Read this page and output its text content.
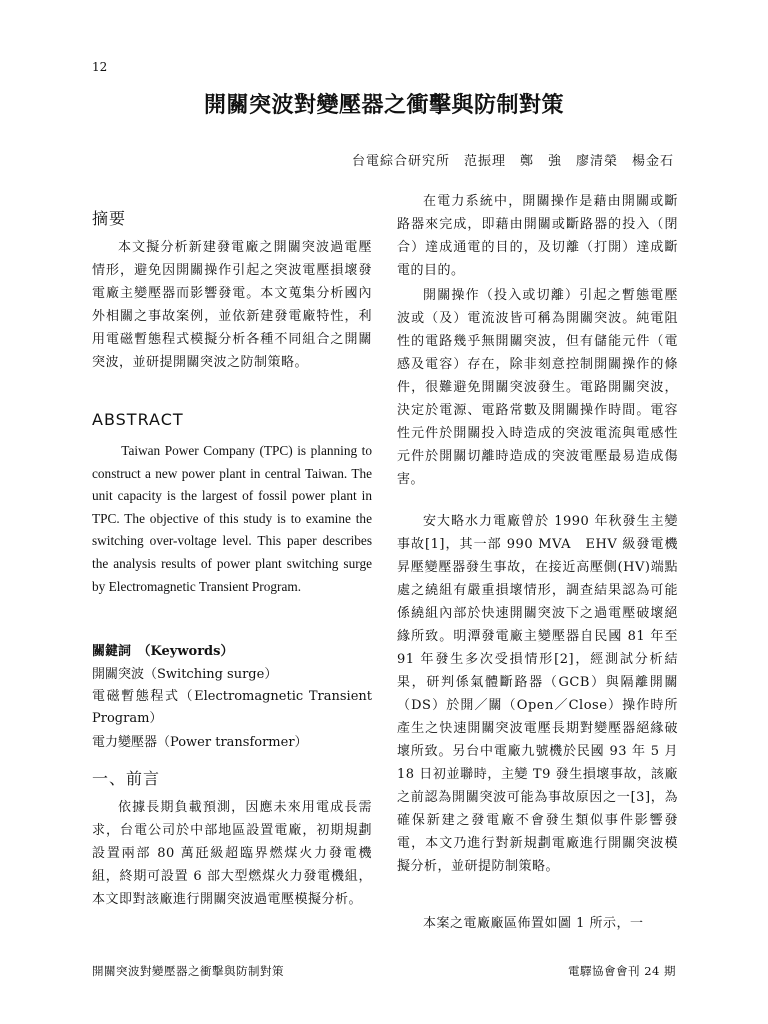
12
開關突波對變壓器之衝擊與防制對策
台電綜合研究所　范振理　鄭　強　廖清榮　楊金石
摘要
本文擬分析新建發電廠之開關突波過電壓情形，避免因開關操作引起之突波電壓損壞發電廠主變壓器而影響發電。本文蒐集分析國內外相關之事故案例，並依新建發電廠特性，利用電磁暫態程式模擬分析各種不同組合之開關突波，並研提開關突波之防制策略。
ABSTRACT
Taiwan Power Company (TPC) is planning to construct a new power plant in central Taiwan. The unit capacity is the largest of fossil power plant in TPC. The objective of this study is to examine the switching over-voltage level. This paper describes the analysis results of power plant switching surge by Electromagnetic Transient Program.
關鍵詞　（Keywords）
開關突波（Switching surge）
電磁暫態程式（Electromagnetic Transient Program）
電力變壓器（Power transformer）
一、前言
依據長期負載預測，因應未來用電成長需求，台電公司於中部地區設置電廠，初期規劃設置兩部 80 萬瓩級超臨界燃煤火力發電機組，終期可設置 6 部大型燃煤火力發電機組，本文即對該廠進行開關突波過電壓模擬分析。
在電力系統中，開關操作是藉由開關或斷路器來完成，即藉由開關或斷路器的投入（閉合）達成通電的目的，及切離（打開）達成斷電的目的。
開關操作（投入或切離）引起之暫態電壓波或（及）電流波皆可稱為開關突波。純電阻性的電路幾乎無開關突波，但有儲能元件（電感及電容）存在，除非刻意控制開關操作的條件，很難避免開關突波發生。電路開關突波，決定於電源、電路常數及開關操作時間。電容性元件於開關投入時造成的突波電流與電感性元件於開關切離時造成的突波電壓最易造成傷害。
安大略水力電廠曾於 1990 年秋發生主變事故[1]，其一部 990 MVA　EHV 級發電機昇壓變壓器發生事故，在接近高壓側(HV)端點處之繞組有嚴重損壞情形，調查結果認為可能係繞組內部於快速開關突波下之過電壓破壞絕緣所致。明潭發電廠主變壓器自民國 81 年至 91 年發生多次受損情形[2]，經測試分析結果，研判係氣體斷路器（GCB）與隔離開關（DS）於開／關（Open／Close）操作時所產生之快速開關突波電壓長期對變壓器絕緣破壞所致。另台中電廠九號機於民國 93 年 5 月 18 日初並聯時，主變 T9 發生損壞事故，該廠之前認為開關突波可能為事故原因之一[3]，為確保新建之發電廠不會發生類似事件影響發電，本文乃進行對新規劃電廠進行開關突波模擬分析，並研提防制策略。
本案之電廠廠區佈置如圖 1 所示，一
開關突波對變壓器之衝擊與防制對策	電驛協會會刊 24 期
